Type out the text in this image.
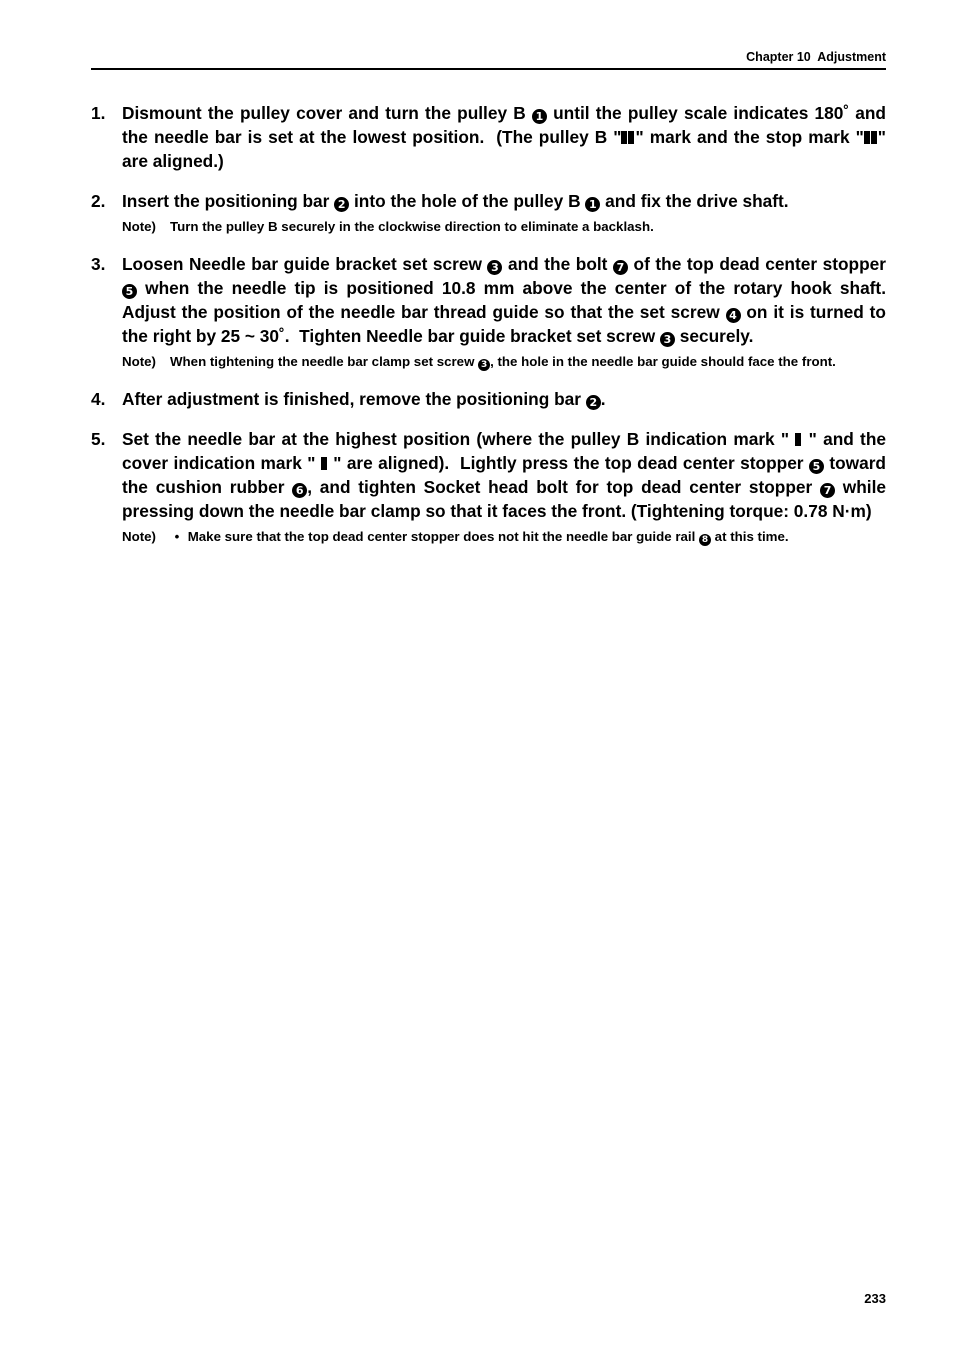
Chapter 10  Adjustment
1. Dismount the pulley cover and turn the pulley B 1 until the pulley scale indicates 180˚ and the needle bar is set at the lowest position.  (The pulley B " " mark and the stop mark " " are aligned.)
2. Insert the positioning bar 2 into the hole of the pulley B 1 and fix the drive shaft.
Note) Turn the pulley B securely in the clockwise direction to eliminate a backlash.
3. Loosen Needle bar guide bracket set screw 3 and the bolt 7 of the top dead center stopper 5 when the needle tip is positioned 10.8 mm above the center of the rotary hook shaft. Adjust the position of the needle bar thread guide so that the set screw 4 on it is turned to the right by 25 ~ 30˚.  Tighten Needle bar guide bracket set screw 3 securely.
Note) When tightening the needle bar clamp set screw 3 , the hole in the needle bar guide should face the front.
4. After adjustment is finished, remove the positioning bar 2 .
5. Set the needle bar at the highest position (where the pulley B indication mark "  " and the cover indication mark "  " are aligned).  Lightly press the top dead center stopper 5 toward the cushion rubber 6 , and tighten Socket head bolt for top dead center stopper 7 while pressing down the needle bar clamp so that it faces the front. (Tightening torque: 0.78 N·m)
Note) • Make sure that the top dead center stopper does not hit the needle bar guide rail 8 at this time.
233
